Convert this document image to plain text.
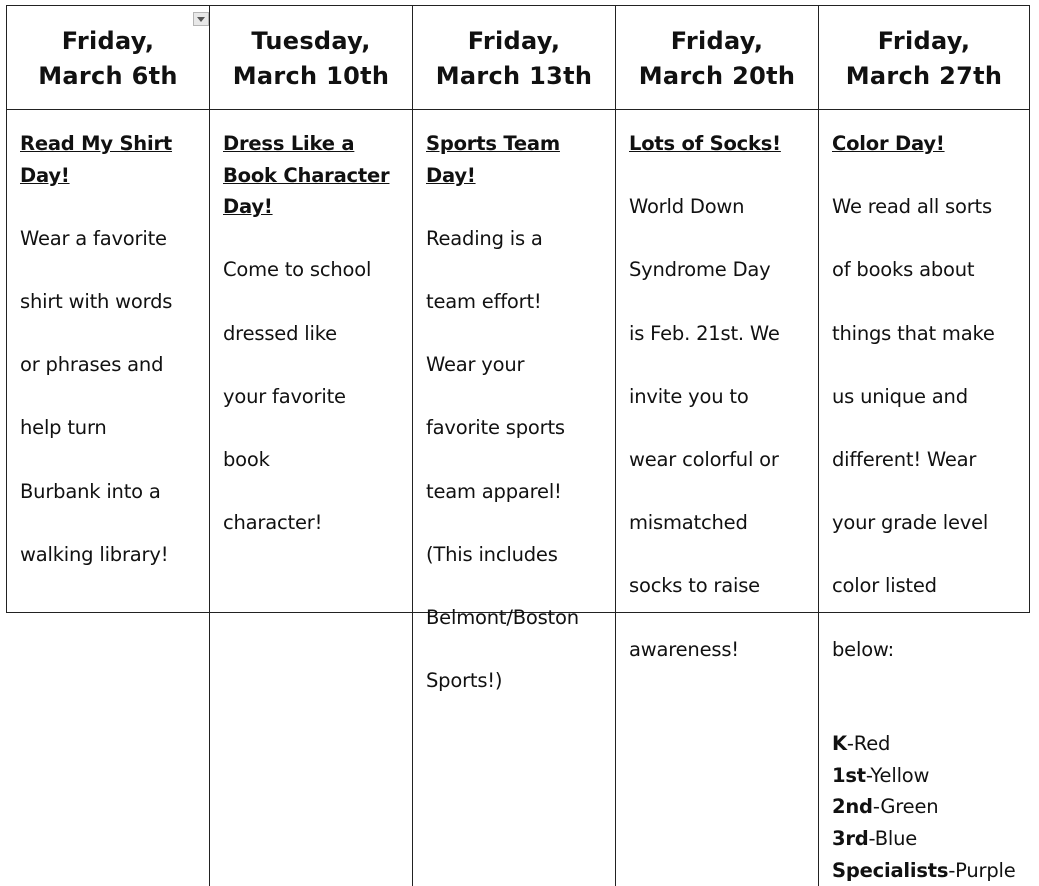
Friday,
March 6th
Tuesday,
March 10th
Friday,
March 13th
Friday,
March 20th
Friday,
March 27th
Read My Shirt
Day!

Wear a favorite

shirt with words

or phrases and

help turn

Burbank into a

walking library!

Dress Like a
Book Character
Day!

Come to school

dressed like

your favorite

book

character!

Sports Team
Day!

Reading is a

team effort!

Wear your

favorite sports

team apparel!

(This includes

Belmont/Boston

Sports!)

Lots of Socks!

World Down

Syndrome Day

is Feb. 21st. We

invite you to

wear colorful or

mismatched

socks to raise

awareness!

Color Day!

We read all sorts

of books about

things that make

us unique and

different! Wear

your grade level

color listed

below:

K-Red
1st-Yellow
2nd-Green
3rd-Blue
Specialists-Purple
